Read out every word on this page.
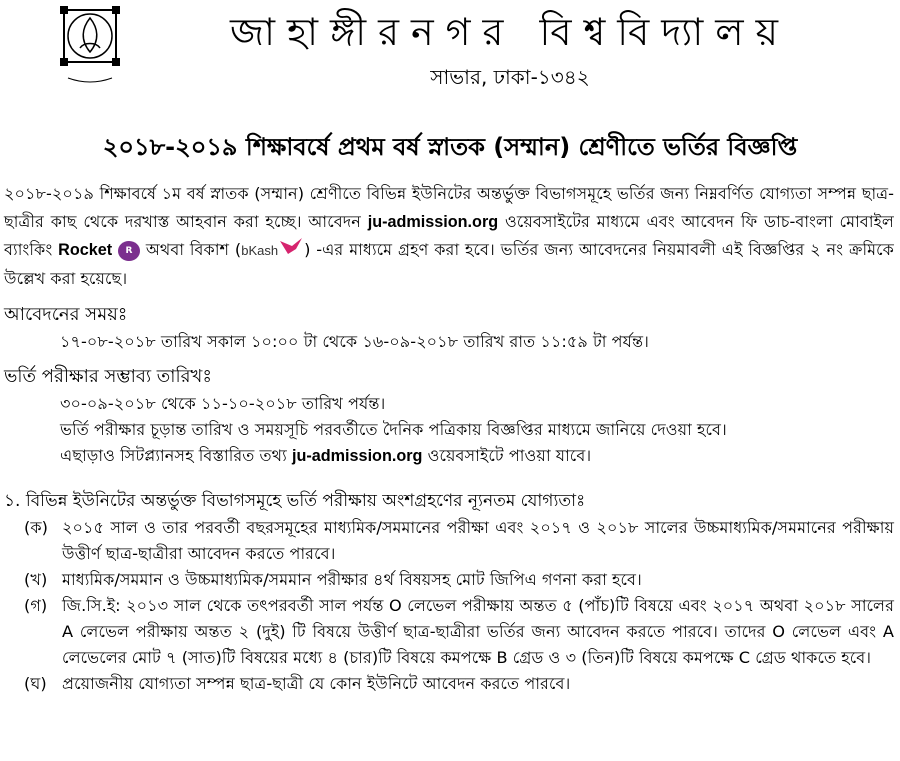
জাহাঙ্গীরনগর বিশ্ববিদ্যালয়
সাভার, ঢাকা-১৩৪২
২০১৮-২০১৯ শিক্ষাবর্ষে প্রথম বর্ষ স্নাতক (সম্মান) শ্রেণীতে ভর্তির বিজ্ঞপ্তি

২০১৮-২০১৯ শিক্ষাবর্ষে ১ম বর্ষ স্নাতক (সম্মান) শ্রেণীতে বিভিন্ন ইউনিটের অন্তর্ভুক্ত বিভাগসমূহে ভর্তির জন্য নিম্নবর্ণিত যোগ্যতা সম্পন্ন ছাত্র-ছাত্রীর কাছ থেকে দরখাস্ত আহবান করা হচ্ছে। আবেদন ju-admission.org ওয়েবসাইটের মাধ্যমে এবং আবেদন ফি ডাচ-বাংলা মোবাইল ব্যাংকিং Rocket R অথবা বিকাশ (bKash ) -এর মাধ্যমে গ্রহণ করা হবে। ভর্তির জন্য আবেদনের নিয়মাবলী এই বিজ্ঞপ্তির ২ নং ক্রমিকে উল্লেখ করা হয়েছে।

আবেদনের সময়ঃ

১৭-০৮-২০১৮ তারিখ সকাল ১০:০০ টা থেকে ১৬-০৯-২০১৮ তারিখ রাত ১১:৫৯ টা পর্যন্ত।

ভর্তি পরীক্ষার সম্ভাব্য তারিখঃ

৩০-০৯-২০১৮ থেকে ১১-১০-২০১৮ তারিখ পর্যন্ত।

ভর্তি পরীক্ষার চূড়ান্ত তারিখ ও সময়সূচি পরবর্তীতে দৈনিক পত্রিকায় বিজ্ঞপ্তির মাধ্যমে জানিয়ে দেওয়া হবে।

এছাড়াও সিটপ্ল্যানসহ বিস্তারিত তথ্য ju-admission.org ওয়েবসাইটে পাওয়া যাবে।

১. বিভিন্ন ইউনিটের অন্তর্ভুক্ত বিভাগসমূহে ভর্তি পরীক্ষায় অংশগ্রহণের ন্যূনতম যোগ্যতাঃ

(ক) ২০১৫ সাল ও তার পরবর্তী বছরসমূহের মাধ্যমিক/সমমানের পরীক্ষা এবং ২০১৭ ও ২০১৮ সালের উচ্চমাধ্যমিক/সমমানের পরীক্ষায় উত্তীর্ণ ছাত্র-ছাত্রীরা আবেদন করতে পারবে।
(খ) মাধ্যমিক/সমমান ও উচ্চমাধ্যমিক/সমমান পরীক্ষার ৪র্থ বিষয়সহ মোট জিপিএ গণনা করা হবে।
(গ) জি.সি.ই: ২০১৩ সাল থেকে তৎপরবর্তী সাল পর্যন্ত O লেভেল পরীক্ষায় অন্তত ৫ (পাঁচ)টি বিষয়ে এবং ২০১৭ অথবা ২০১৮ সালের A লেভেল পরীক্ষায় অন্তত ২ (দুই) টি বিষয়ে উত্তীর্ণ ছাত্র-ছাত্রীরা ভর্তির জন্য আবেদন করতে পারবে। তাদের O লেভেল এবং A লেভেলের মোট ৭ (সাত)টি বিষয়ের মধ্যে ৪ (চার)টি বিষয়ে কমপক্ষে B গ্রেড ও ৩ (তিন)টি বিষয়ে কমপক্ষে C গ্রেড থাকতে হবে।
(ঘ) প্রয়োজনীয় যোগ্যতা সম্পন্ন ছাত্র-ছাত্রী যে কোন ইউনিটে আবেদন করতে পারবে।
